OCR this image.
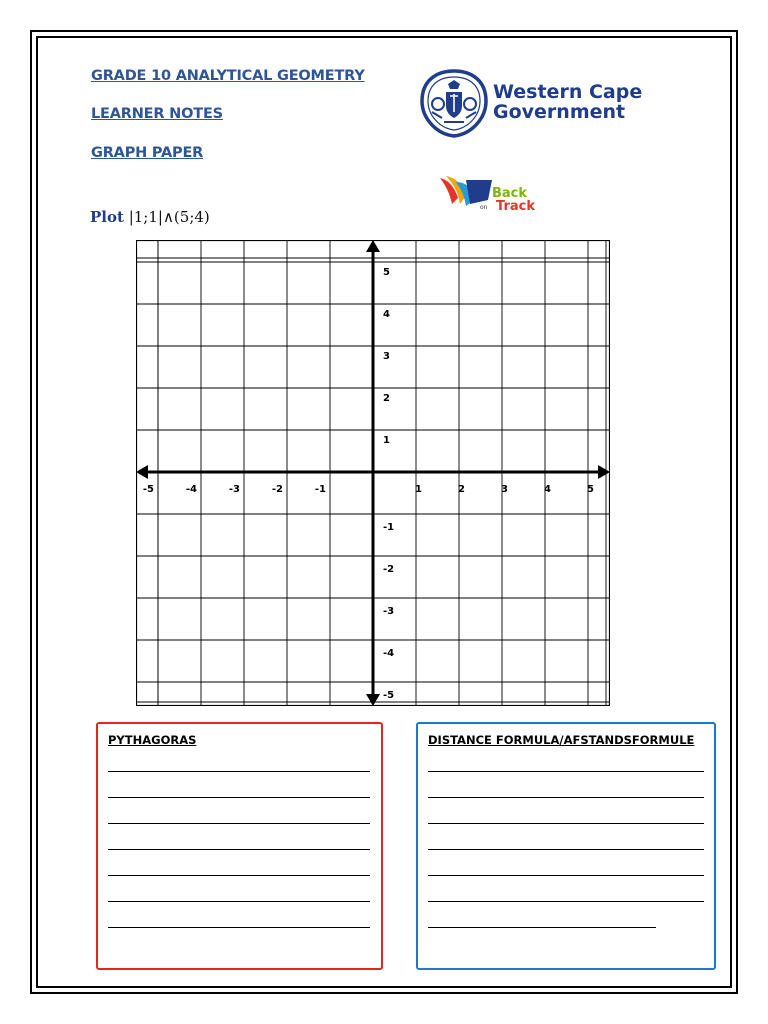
GRADE 10 ANALYTICAL GEOMETRY
LEARNER NOTES
GRAPH PAPER
Western Cape
Government
Back
Track
on
Plot |1;1|∧(5;4)
-5	-4	-3	-2	-1	1	2	3	4	5
5
4
3
2
1
-1
-2
-3
-4
-5
PYTHAGORAS	DISTANCE FORMULA/AFSTANDSFORMULE
